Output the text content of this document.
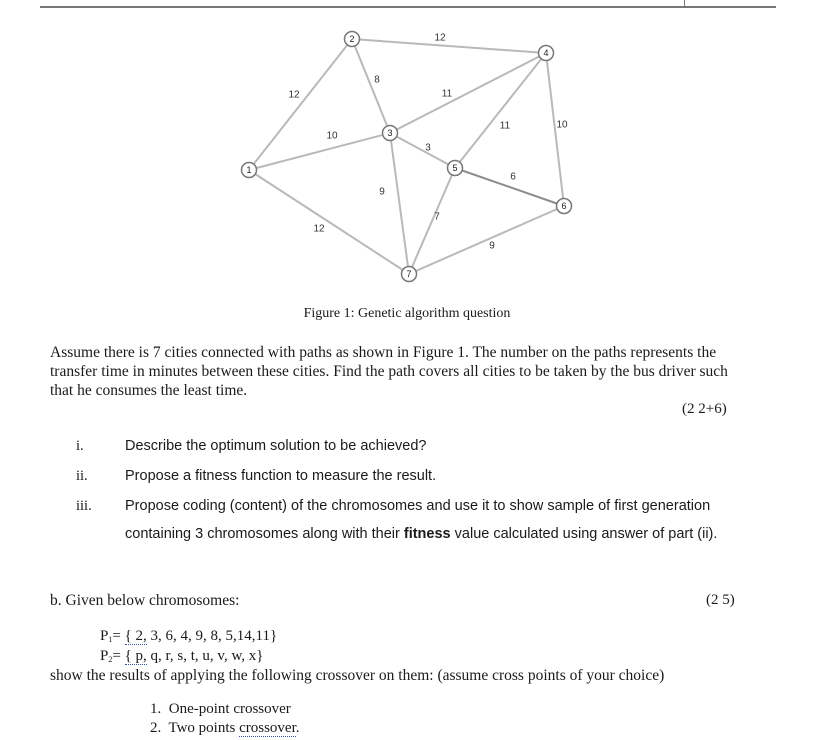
12
10
12
8
12
11
3
9
11	10
6
7
9
1
2
3
4
5
6
7
Figure 1: Genetic algorithm question
Assume there is 7 cities connected with paths as shown in Figure 1. The number on the paths represents the transfer time in minutes between these cities. Find the path covers all cities to be taken by the bus driver such that he consumes the least time.
(2 2+6)
i.	Describe the optimum solution to be achieved?
ii.	Propose a fitness function to measure the result.
iii. Propose coding (content) of the chromosomes and use it to show sample of first generation
containing 3 chromosomes along with their fitness value calculated using answer of part (ii).
b. Given below chromosomes:	(2 5)
$P_1=$ { 2, 3, 6, 4, 9, 8, 5,14,11}
$P_2=$ { p, q, r, s, t, u, v, w, x}
show the results of applying the following crossover on them: (assume cross points of your choice)
1. One-point crossover
2. Two points crossover.
